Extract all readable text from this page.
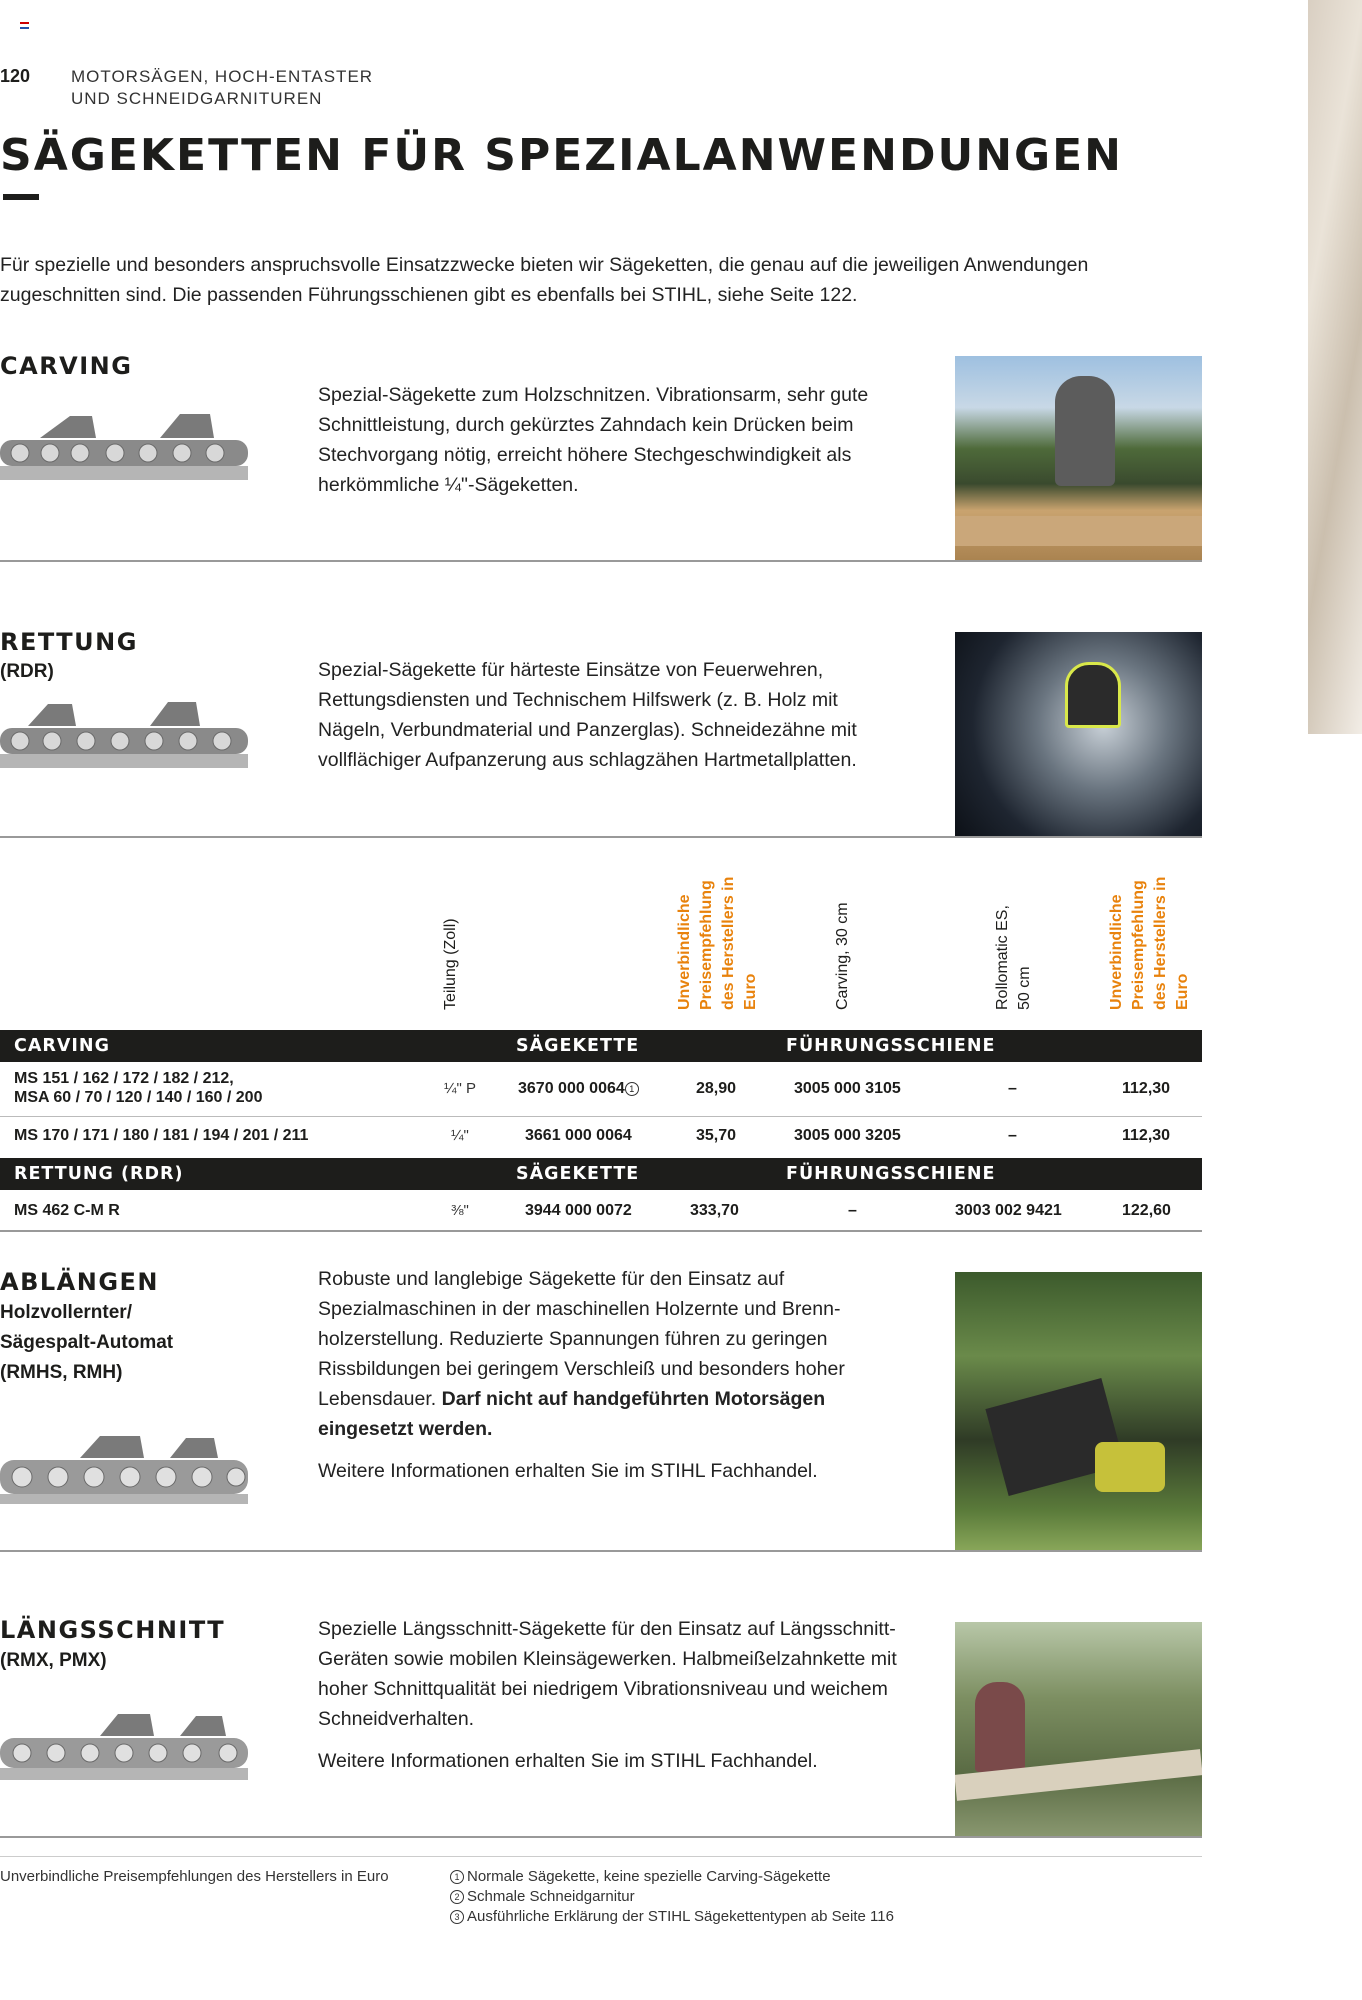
120 MOTORSÄGEN, HOCH-ENTASTER
UND SCHNEIDGARNITUREN
SÄGEKETTEN FÜR SPEZIALANWENDUNGEN
Für spezielle und besonders anspruchsvolle Einsatzzwecke bieten wir Sägeketten, die genau auf die jeweiligen Anwendungen zugeschnitten sind. Die passenden Führungsschienen gibt es ebenfalls bei STIHL, siehe Seite 122.
CARVING
Spezial-Sägekette zum Holzschnitzen. Vibrationsarm, sehr gute Schnittleistung, durch gekürztes Zahndach kein Drücken beim Stechvorgang nötig, erreicht höhere Stechgeschwindigkeit als herkömmliche ¼"-Sägeketten.
RETTUNG
(RDR)	Spezial-Sägekette für härteste Einsätze von Feuerwehren, Rettungsdiensten und Technischem Hilfswerk (z. B. Holz mit Nägeln, Verbundmaterial und Panzerglas). Schneidezähne mit vollflächiger Aufpanzerung aus schlagzähen Hartmetallplatten.
Teilung (Zoll)	Unverbindliche Preisempfehlung des Herstellers in Euro	Carving, 30 cm	Rollomatic ES, 50 cm	Unverbindliche Preisempfehlung des Herstellers in Euro
CARVING	SÄGEKETTE	FÜHRUNGSSCHIENE
MS 151 / 162 / 172 / 182 / 212,
MSA 60 / 70 / 120 / 140 / 160 / 200
¼" P	3670 000 0064 $^1$	28,90	3005 000 3105	–	112,30
MS 170 / 171 / 180 / 181 / 194 / 201 / 211	¼"	3661 000 0064	35,70	3005 000 3205	–	112,30
RETTUNG (RDR)	SÄGEKETTE	FÜHRUNGSSCHIENE
MS 462 C-M R	⅜"	3944 000 0072	333,70	–	3003 002 9421	122,60
ABLÄNGEN
Holzvollernter/ Sägespalt-Automat (RMHS, RMH)
Robuste und langlebige Sägekette für den Einsatz auf Spezialmaschinen in der maschinellen Holzernte und Brennholzerstellung. Reduzierte Spannungen führen zu geringen Rissbildungen bei geringem Verschleiß und besonders hoher Lebensdauer. Darf nicht auf handgeführten Motorsägen eingesetzt werden.
Weitere Informationen erhalten Sie im STIHL Fachhandel.
LÄNGSSCHNITT
(RMX, PMX)
Spezielle Längsschnitt-Sägekette für den Einsatz auf Längsschnitt-Geräten sowie mobilen Kleinsägewerken. Halbmeißelzahnkette mit hoher Schnittqualität bei niedrigem Vibrationsniveau und weichem Schneidverhalten.
Weitere Informationen erhalten Sie im STIHL Fachhandel.
Unverbindliche Preisempfehlungen des Herstellers in Euro	1 Normale Sägekette, keine spezielle Carving-Sägekette
2 Schmale Schneidgarnitur
3 Ausführliche Erklärung der STIHL Sägekettentypen ab Seite 116
